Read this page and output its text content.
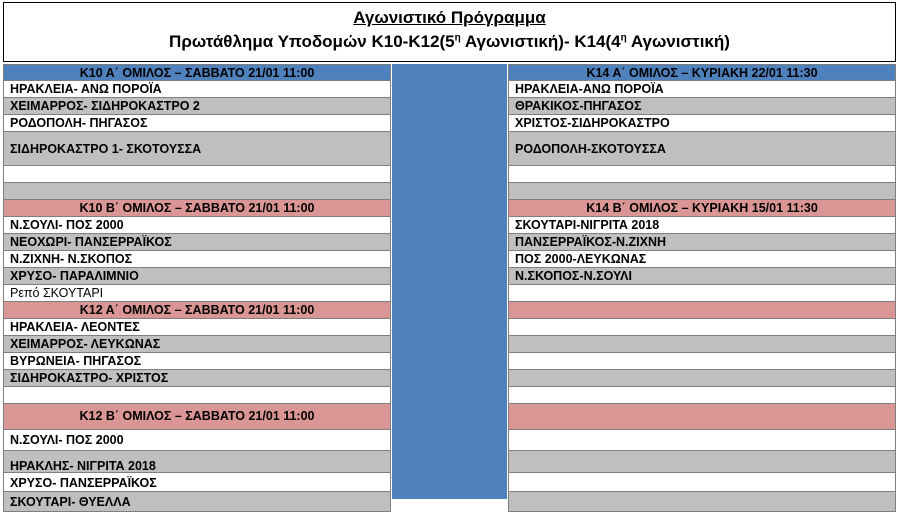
Αγωνιστικό Πρόγραμμα
Πρωτάθλημα Υποδομών $K10-K12(5^\eta$ Αγωνιστική)- $K14(4^\eta$ Αγωνιστική)
Κ10 Α΄ ΟΜΙΛΟΣ – ΣΑΒΒΑΤΟ 21/01 11:00
ΗΡΑΚΛΕΙΑ- ΑΝΩ ΠΟΡΟΪΑ
ΧΕΙΜΑΡΡΟΣ- ΣΙΔΗΡΟΚΑΣΤΡΟ 2
ΡΟΔΟΠΟΛΗ- ΠΗΓΑΣΟΣ
ΣΙΔΗΡΟΚΑΣΤΡΟ 1- ΣΚΟΤΟΥΣΣΑ
Κ10 Β΄ ΟΜΙΛΟΣ – ΣΑΒΒΑΤΟ 21/01 11:00
Ν.ΣΟΥΛΙ- ΠΟΣ 2000
ΝΕΟΧΩΡΙ- ΠΑΝΣΕΡΡΑΪΚΟΣ
Ν.ΖΙΧΝΗ- Ν.ΣΚΟΠΟΣ
ΧΡΥΣΟ- ΠΑΡΑΛΙΜΝΙΟ
Ρεπό ΣΚΟΥΤΑΡΙ
Κ12 Α΄ ΟΜΙΛΟΣ – ΣΑΒΒΑΤΟ 21/01 11:00
ΗΡΑΚΛΕΙΑ- ΛΕΟΝΤΕΣ
ΧΕΙΜΑΡΡΟΣ- ΛΕΥΚΩΝΑΣ
ΒΥΡΩΝΕΙΑ- ΠΗΓΑΣΟΣ
ΣΙΔΗΡΟΚΑΣΤΡΟ- ΧΡΙΣΤΟΣ
Κ12 Β΄ ΟΜΙΛΟΣ – ΣΑΒΒΑΤΟ 21/01 11:00
Ν.ΣΟΥΛΙ- ΠΟΣ 2000
ΗΡΑΚΛΗΣ- ΝΙΓΡΙΤΑ 2018
ΧΡΥΣΟ- ΠΑΝΣΕΡΡΑΪΚΟΣ
ΣΚΟΥΤΑΡΙ- ΘΥΕΛΛΑ
Κ14 Α΄ ΟΜΙΛΟΣ – ΚΥΡΙΑΚΗ 22/01 11:30
ΗΡΑΚΛΕΙΑ-ΑΝΩ ΠΟΡΟΪΑ
ΘΡΑΚΙΚΟΣ-ΠΗΓΑΣΟΣ
ΧΡΙΣΤΟΣ-ΣΙΔΗΡΟΚΑΣΤΡΟ
ΡΟΔΟΠΟΛΗ-ΣΚΟΤΟΥΣΣΑ
Κ14 Β΄ ΟΜΙΛΟΣ – ΚΥΡΙΑΚΗ 15/01 11:30
ΣΚΟΥΤΑΡΙ-ΝΙΓΡΙΤΑ 2018
ΠΑΝΣΕΡΡΑΪΚΟΣ-Ν.ΖΙΧΝΗ
ΠΟΣ 2000-ΛΕΥΚΩΝΑΣ
Ν.ΣΚΟΠΟΣ-Ν.ΣΟΥΛΙ
